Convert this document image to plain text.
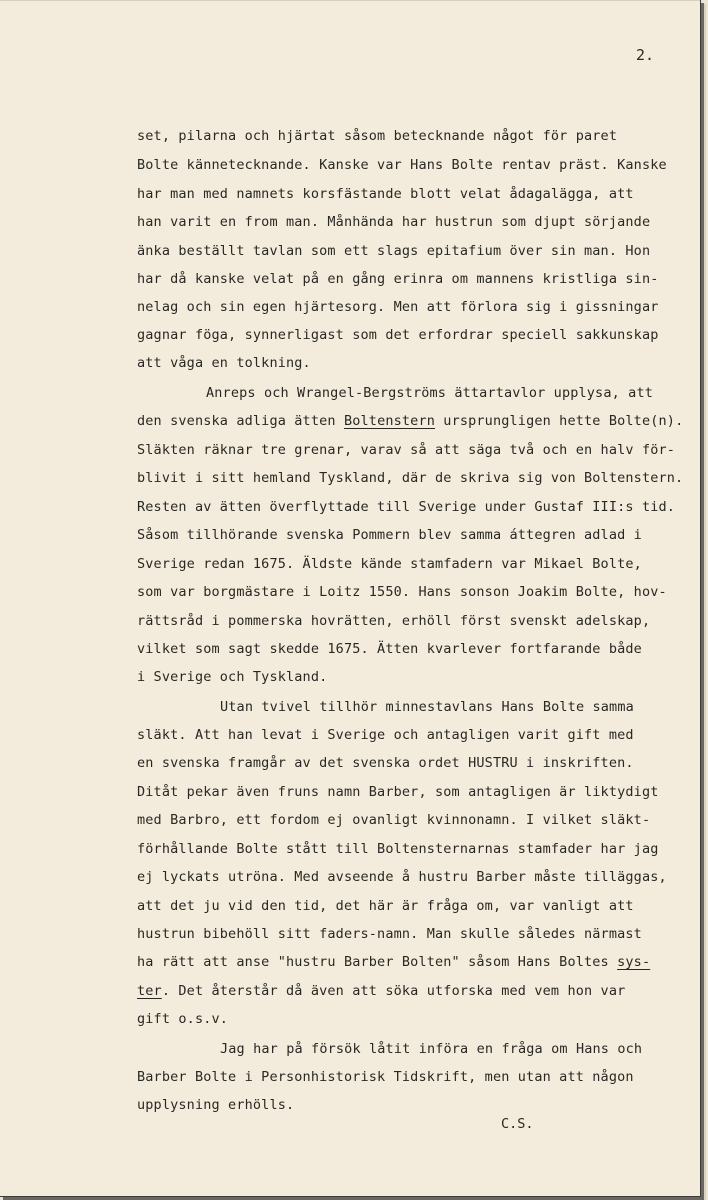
2.
set, pilarna och hjärtat såsom betecknande något för paret
Bolte kännetecknande. Kanske var Hans Bolte rentav präst. Kanske
har man med namnets korsfästande blott velat ådagalägga, att
han varit en from man. Månhända har hustrun som djupt sörjande
änka beställt tavlan som ett slags epitafium över sin man. Hon
har då kanske velat på en gång erinra om mannens kristliga sin-
nelag och sin egen hjärtesorg. Men att förlora sig i gissningar
gagnar föga, synnerligast som det erfordrar speciell sakkunskap
att våga en tolkning.
Anreps och Wrangel-Bergströms ättartavlor upplysa, att
den svenska adliga ätten Boltenstern ursprungligen hette Bolte(n).
Släkten räknar tre grenar, varav så att säga två och en halv för-
blivit i sitt hemland Tyskland, där de skriva sig von Boltenstern.
Resten av ätten överflyttade till Sverige under Gustaf III:s tid.
Såsom tillhörande svenska Pommern blev samma áttegren adlad i
Sverige redan 1675. Äldste kände stamfadern var Mikael Bolte,
som var borgmästare i Loitz 1550. Hans sonson Joakim Bolte, hov-
rättsråd i pommerska hovrätten, erhöll först svenskt adelskap,
vilket som sagt skedde 1675. Ätten kvarlever fortfarande både
i Sverige och Tyskland.
Utan tvivel tillhör minnestavlans Hans Bolte samma
släkt. Att han levat i Sverige och antagligen varit gift med
en svenska framgår av det svenska ordet HUSTRU i inskriften.
Ditåt pekar även fruns namn Barber, som antagligen är liktydigt
med Barbro, ett fordom ej ovanligt kvinnonamn. I vilket släkt-
förhållande Bolte stått till Boltensternarnas stamfader har jag
ej lyckats utröna. Med avseende å hustru Barber måste tilläggas,
att det ju vid den tid, det här är fråga om, var vanligt att
hustrun bibehöll sitt faders-namn. Man skulle således närmast
ha rätt att anse "hustru Barber Bolten" såsom Hans Boltes sys-
ter. Det återstår då även att söka utforska med vem hon var
gift o.s.v.
Jag har på försök låtit införa en fråga om Hans och
Barber Bolte i Personhistorisk Tidskrift, men utan att någon
upplysning erhölls.
C.S.
